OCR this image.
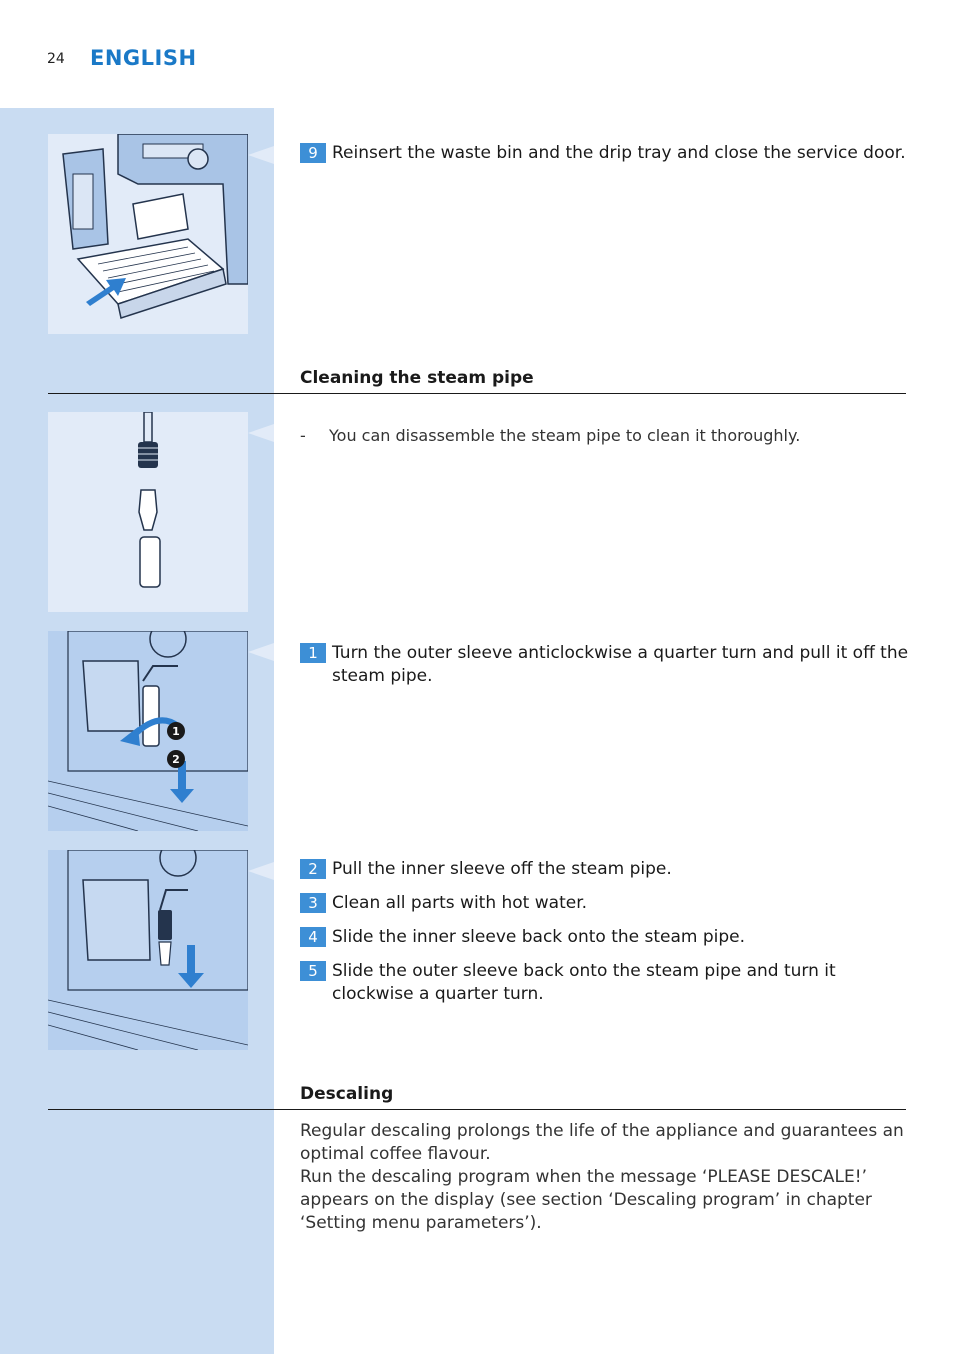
24 ENGLISH
9 Reinsert the waste bin and the drip tray and close the service door.
Cleaning the steam pipe
- You can disassemble the steam pipe to clean it thoroughly.
1
2
1 Turn the outer sleeve anticlockwise a quarter turn and pull it off the steam pipe.
2 Pull the inner sleeve off the steam pipe.
3 Clean all parts with hot water.
4 Slide the inner sleeve back onto the steam pipe.
5 Slide the outer sleeve back onto the steam pipe and turn it clockwise a quarter turn.
Descaling

Regular descaling prolongs the life of the appliance and guarantees an optimal coffee flavour.

Run the descaling program when the message ‘PLEASE DESCALE!’ appears on the display (see section ‘Descaling program’ in chapter ‘Setting menu parameters’).
